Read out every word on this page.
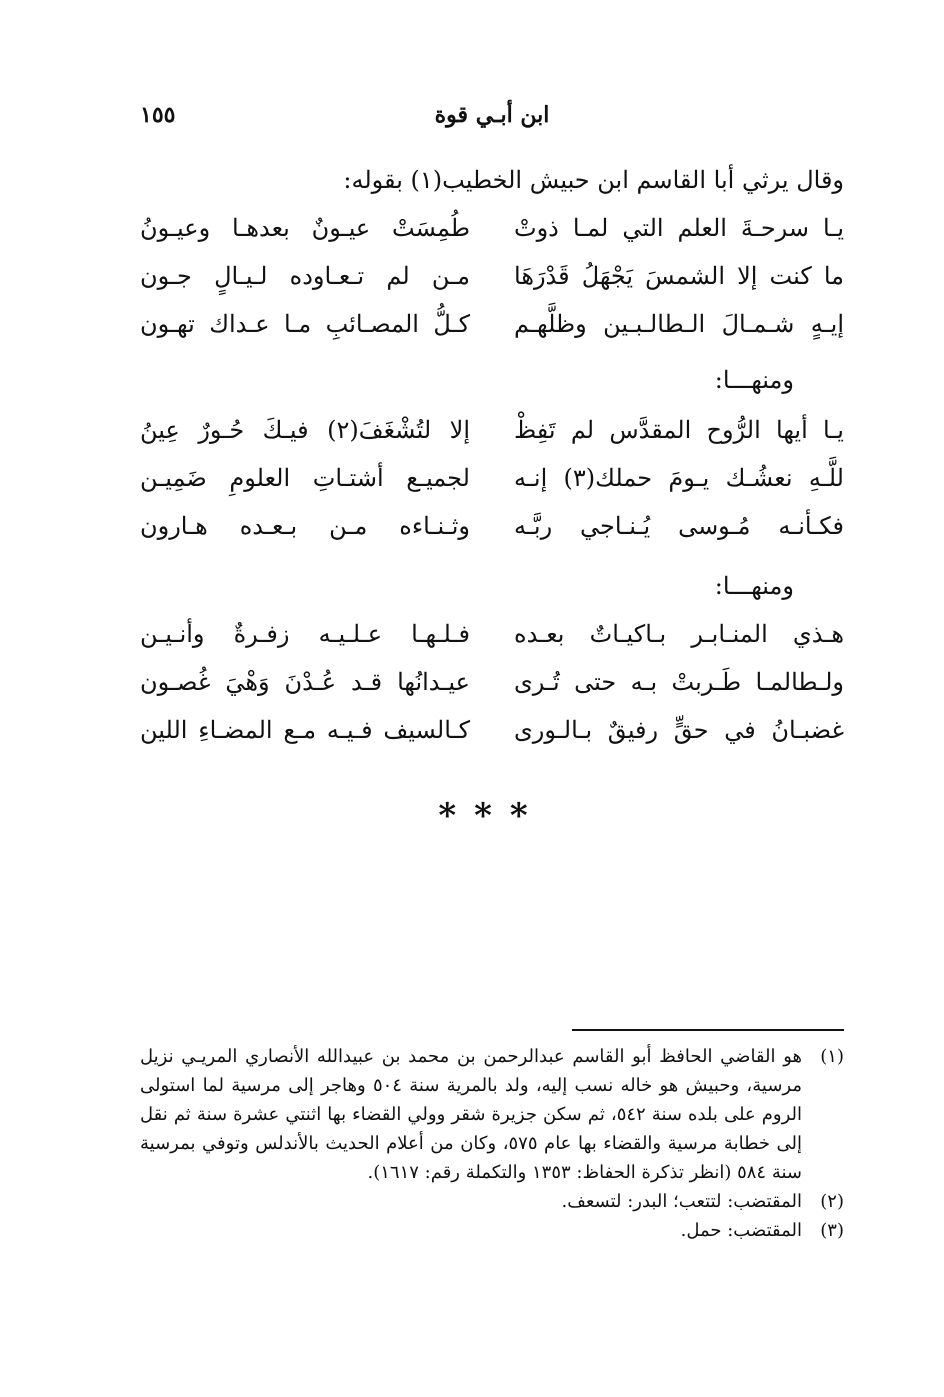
١٥٥	ابن أبـي قوة
وقال يرثي أبا القاسم ابن حبيش الخطيب(١) بقوله:
يـا سرحـةَ العلم التي لمـا ذوتْ
طُمِسَتْ عيـونٌ بعدهـا وعيـونُ
ما كنت إلا الشمسَ يَجْهَلُ قَدْرَهَا
مـن لم تـعـاوده لـيـالٍ جـون
إيـهٍ شـمـالَ الـطالـبـين وظلَّهـم
كـلُّ المصـائبِ مـا عـداك تهـون
ومنهـــا:
يـا أيها الرُّوح المقدَّس لم تَفِظْ
إلا لتُشْغَفَ(٢) فيـكَ حُـورٌ عِينُ
للَّـهِ نعشُـك يـومَ حملك(٣) إنـه
لجميـع أشتـاتِ العلومِ ضَمِيـن
فكـأنـه مُـوسى يُـنـاجي ربَّـه
وثـنـاءه مـن بـعـده هـارون
ومنهـــا:
هـذي المنـابـر بـاكيـاتٌ بعـده
فـلـهـا عـلـيـه زفـرةٌ وأنـيـن
ولـطالمـا طَـربتْ بـه حتى تُـرى
عيـدانُها قـد عُـدْنَ وَهْيَ غُصـون
غضبـانُ في حقٍّ رفيقٌ بـالـورى
كـالسيف فـيـه مـع المضـاءِ اللين
***
(١)
هو القاضي الحافظ أبو القاسم عبدالرحمن بن محمد بن عبيدالله الأنصاري المريـي نزيل مرسية، وحبيش هو خاله نسب إليه، ولد بالمرية سنة ٥٠٤ وهاجر إلى مرسية لما استولى الروم على بلده سنة ٥٤٢، ثم سكن جزيرة شقر وولي القضاء بها اثنتي عشرة سنة ثم نقل إلى خطابة مرسية والقضاء بها عام ٥٧٥، وكان من أعلام الحديث بالأندلس وتوفي بمرسية سنة ٥٨٤ (انظر تذكرة الحفاظ: ١٣٥٣ والتكملة رقم: ١٦١٧).
(٢)
المقتضب: لتتعب؛ البدر: لتسعف.
(٣)
المقتضب: حمل.
